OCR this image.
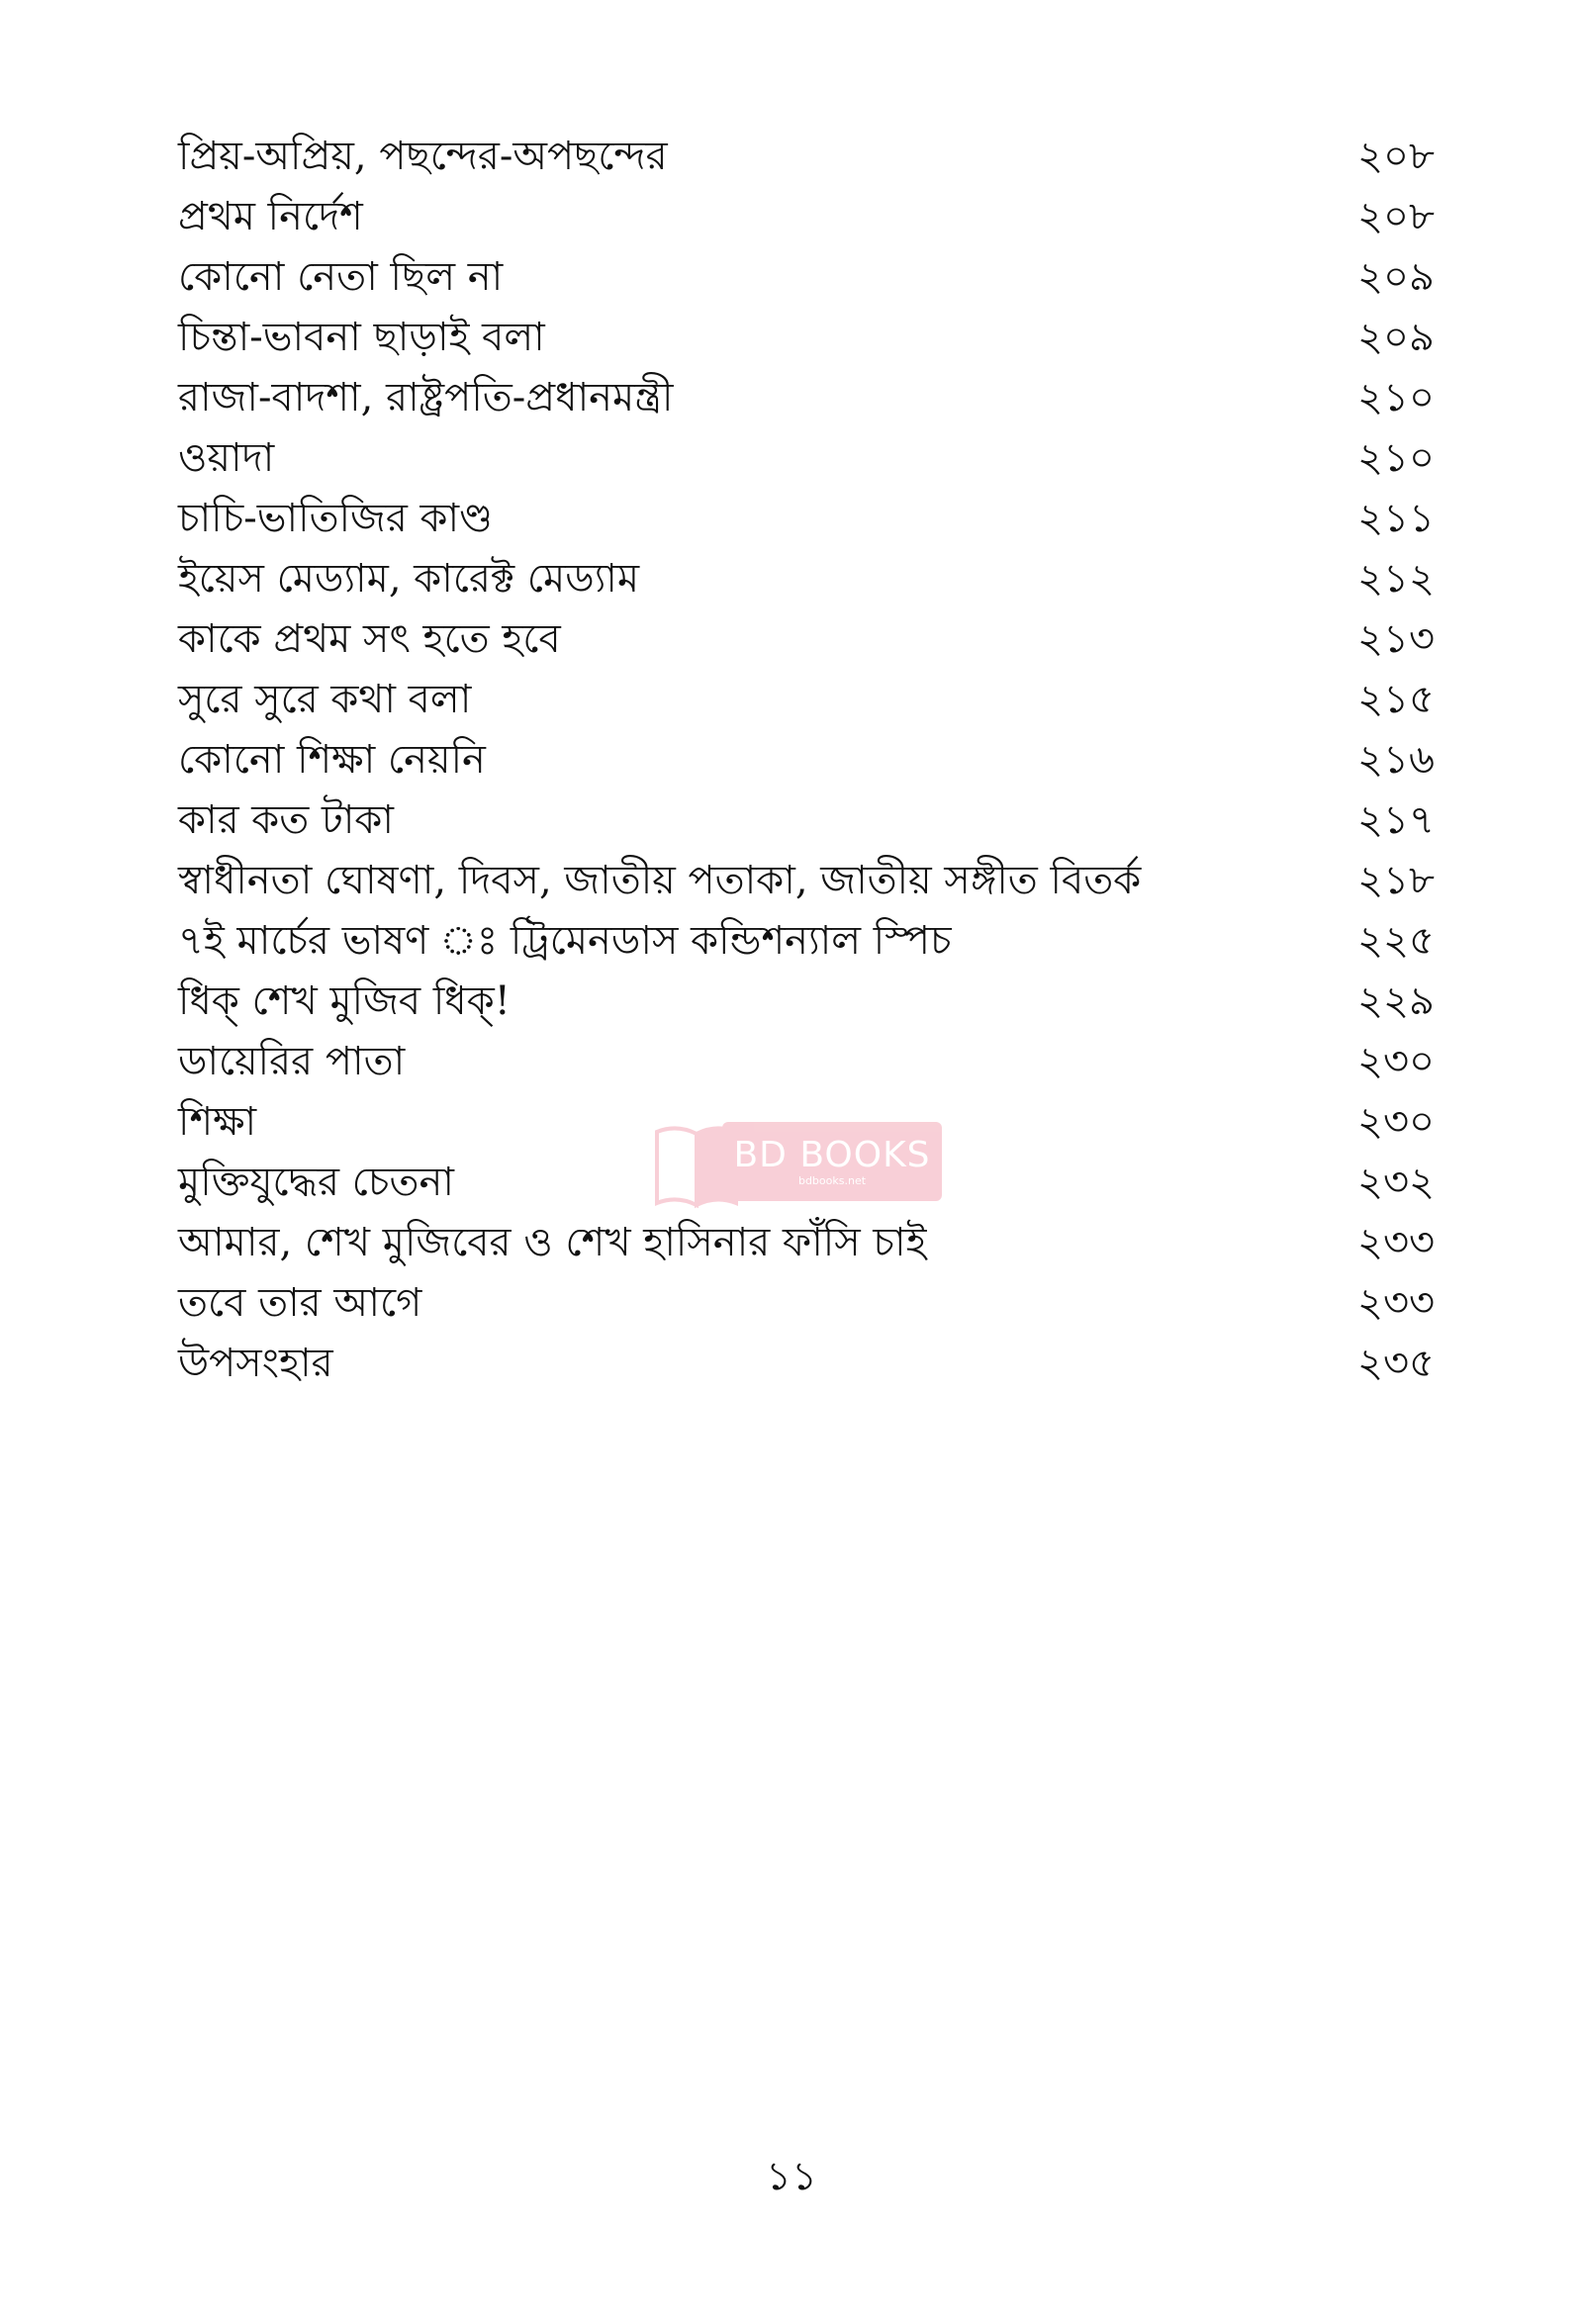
প্রিয়-অপ্রিয়, পছন্দের-অপছন্দের	২০৮
প্রথম নির্দেশ	২০৮
কোনো নেতা ছিল না	২০৯
চিন্তা-ভাবনা ছাড়াই বলা	২০৯
রাজা-বাদশা, রাষ্ট্রপতি-প্রধানমন্ত্রী	২১০
ওয়াদা	২১০
চাচি-ভাতিজির কাণ্ড	২১১
ইয়েস মেড্যাম, কারেক্ট মেড্যাম	২১২
কাকে প্রথম সৎ হতে হবে	২১৩
সুরে সুরে কথা বলা	২১৫
কোনো শিক্ষা নেয়নি	২১৬
কার কত টাকা	২১৭
স্বাধীনতা ঘোষণা, দিবস, জাতীয় পতাকা, জাতীয় সঙ্গীত বিতর্ক	২১৮
৭ই মার্চের ভাষণ ঃ ট্রিমেনডাস কন্ডিশন্যাল স্পিচ	২২৫
ধিক্ শেখ মুজিব ধিক্!	২২৯
ডায়েরির পাতা	২৩০
শিক্ষা	২৩০
মুক্তিযুদ্ধের চেতনা	২৩২
আমার, শেখ মুজিবের ও শেখ হাসিনার ফাঁসি চাই	২৩৩
তবে তার আগে	২৩৩
উপসংহার	২৩৫
BD BOOKS
bdbooks.net
১১
